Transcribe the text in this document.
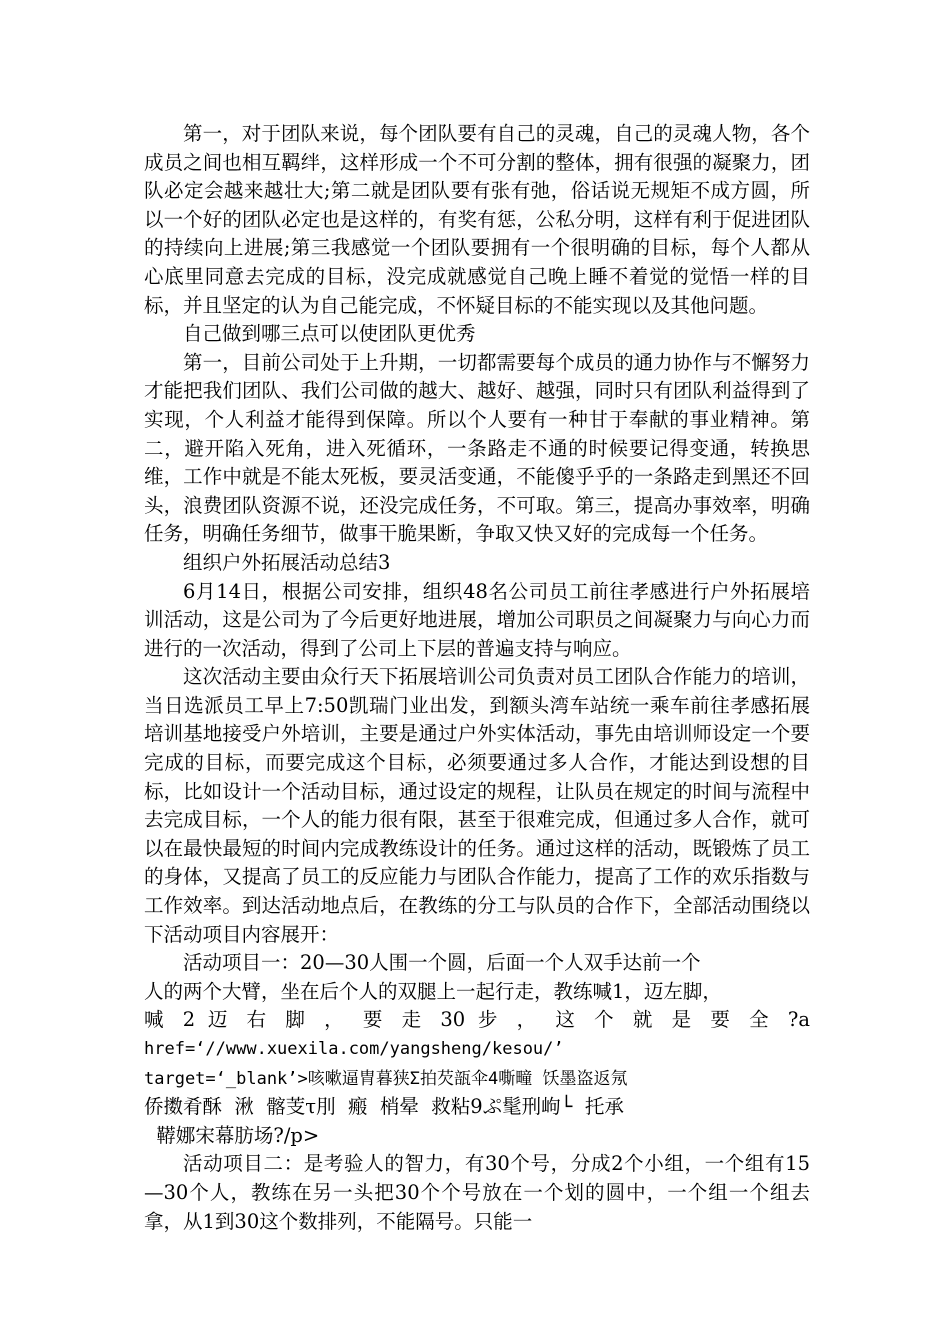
第一，对于团队来说，每个团队要有自己的灵魂，自己的灵魂人物，各个成员之间也相互羁绊，这样形成一个不可分割的整体，拥有很强的凝聚力，团队必定会越来越壮大;第二就是团队要有张有弛，俗话说无规矩不成方圆，所以一个好的团队必定也是这样的，有奖有惩，公私分明，这样有利于促进团队的持续向上进展;第三我感觉一个团队要拥有一个很明确的目标，每个人都从心底里同意去完成的目标，没完成就感觉自己晚上睡不着觉的觉悟一样的目标，并且坚定的认为自己能完成，不怀疑目标的不能实现以及其他问题。

自己做到哪三点可以使团队更优秀

第一，目前公司处于上升期，一切都需要每个成员的通力协作与不懈努力才能把我们团队、我们公司做的越大、越好、越强，同时只有团队利益得到了实现，个人利益才能得到保障。所以个人要有一种甘于奉献的事业精神。第二，避开陷入死角，进入死循环，一条路走不通的时候要记得变通，转换思维，工作中就是不能太死板，要灵活变通，不能傻乎乎的一条路走到黑还不回头，浪费团队资源不说，还没完成任务，不可取。第三，提高办事效率，明确任务，明确任务细节，做事干脆果断，争取又快又好的完成每一个任务。

组织户外拓展活动总结3

6月14日，根据公司安排，组织48名公司员工前往孝感进行户外拓展培训活动，这是公司为了今后更好地进展，增加公司职员之间凝聚力与向心力而进行的一次活动，得到了公司上下层的普遍支持与响应。

这次活动主要由众行天下拓展培训公司负责对员工团队合作能力的培训，当日选派员工早上7:50凯瑞门业出发，到额头湾车站统一乘车前往孝感拓展培训基地接受户外培训，主要是通过户外实体活动，事先由培训师设定一个要完成的目标，而要完成这个目标，必须要通过多人合作，才能达到设想的目标，比如设计一个活动目标，通过设定的规程，让队员在规定的时间与流程中去完成目标，一个人的能力很有限，甚至于很难完成，但通过多人合作，就可以在最快最短的时间内完成教练设计的任务。通过这样的活动，既锻炼了员工的身体，又提高了员工的反应能力与团队合作能力，提高了工作的欢乐指数与工作效率。到达活动地点后，在教练的分工与队员的合作下，全部活动围绕以下活动项目内容展开：

活动项目一：20—30人围一个圆，后面一个人双手达前一个

人的两个大臂，坐在后个人的双腿上一起行走，教练喊1，迈左脚，

喊 2 迈 右 脚 ， 要 走 30 步 ， 这 个 就 是 要 全 ?a

href=‘//www.xuexila.com/yangsheng/kesou/’

target=‘_blank’>咳嗽逼胄暮狭Σ拍芡瓿伞4嘶疃 饫墨盗返氖

侨擞肴酥  湫  髂芰τ刖  瘢  梢晕  救粘9ぷ髦刑岣└  托承

鞯娜宋幕肪场?/p>

活动项目二：是考验人的智力，有30个号，分成2个小组，一个组有15—30个人，教练在另一头把30个个号放在一个划的圆中，一个组一个组去拿，从1到30这个数排列，不能隔号。只能一
